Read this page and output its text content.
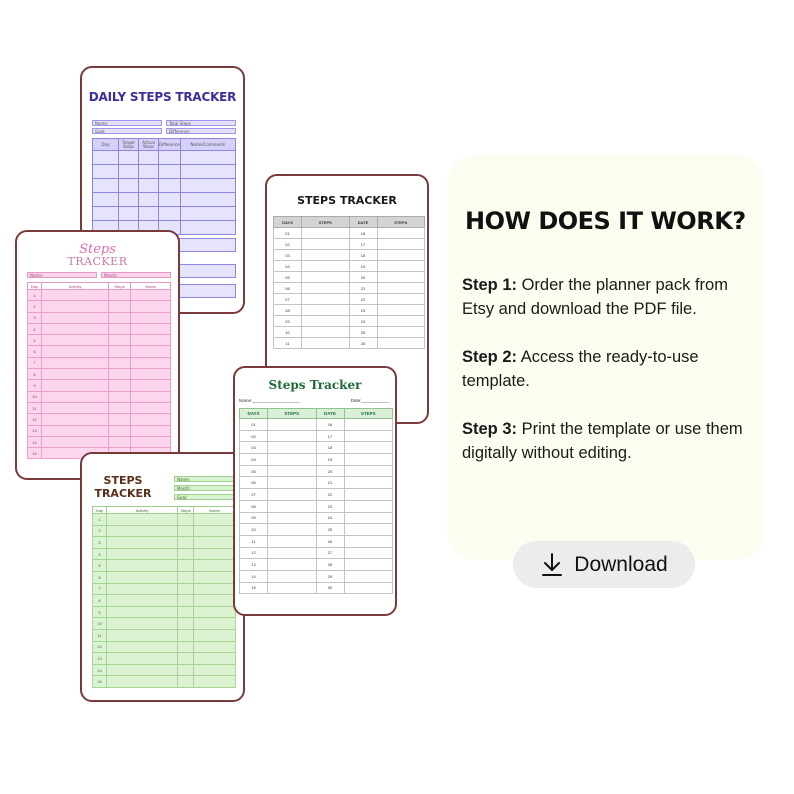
DAILY STEPS TRACKER
Name:	Total Steps
Goal:	Difference
Day	Target Steps	Actual Steps	Difference	Notes/Comments

STEPS TRACKER
DAYS	STEPS	DATE	STEPS
01		16	
02		17	
03		18	
04		19	
05		20	
06		21	
07		22	
08		23	
09		24	
10		25	
11		26	
Steps
TRACKER
Name:	Month:
Day	Activity	Steps	Notes
1			
2			
3			
4			
5			
6			
7			
8			
9			
10			
11			
12			
13			
14			
15			
STEPS TRACKER
Name:
Month:
Goal:
Day	Activity	Steps	Notes
1			
2			
3			
4			
5			
6			
7			
8			
9			
10			
11			
12			
13			
14			
15			
Steps Tracker
Name:___________________	Date:___________
DAYS	STEPS	DATE	STEPS
01		16	
02		17	
03		18	
04		19	
05		20	
06		21	
07		22	
08		23	
09		24	
10		25	
11		26	
12		27	
13		28	
14		29	
15		30	
HOW DOES IT WORK?

Step 1: Order the planner pack from Etsy and download the PDF file.

Step 2: Access the ready-to-use template.

Step 3: Print the template or use them digitally without editing.

Download
